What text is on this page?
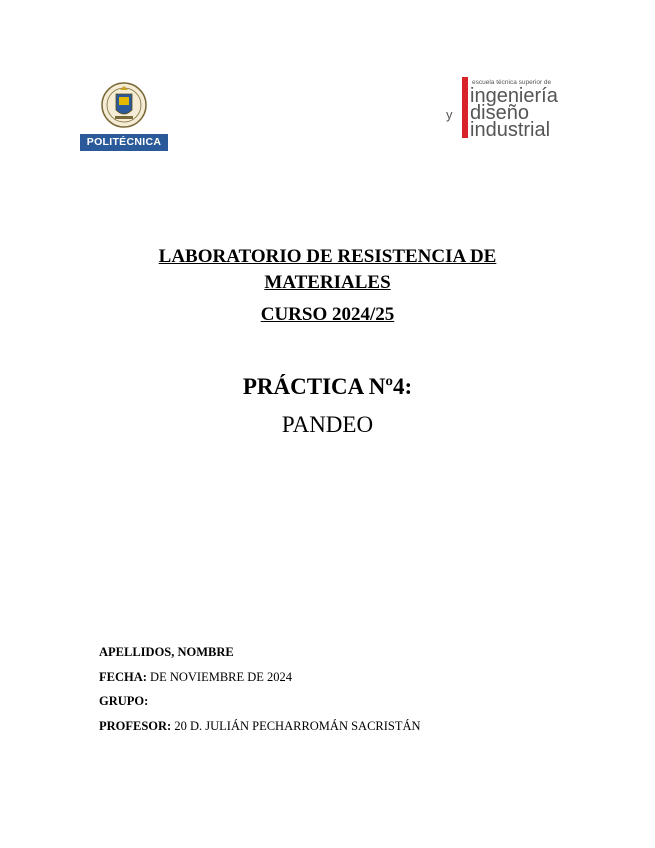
POLITÉCNICA
escuela técnica superior de
ingeniería
y diseño
industrial
LABORATORIO DE RESISTENCIA DE MATERIALES
CURSO 2024/25
PRÁCTICA Nº4:
PANDEO
APELLIDOS, NOMBRE
FECHA: DE NOVIEMBRE DE 2024
GRUPO:
PROFESOR: 20 D. JULIÁN PECHARROMÁN SACRISTÁN
